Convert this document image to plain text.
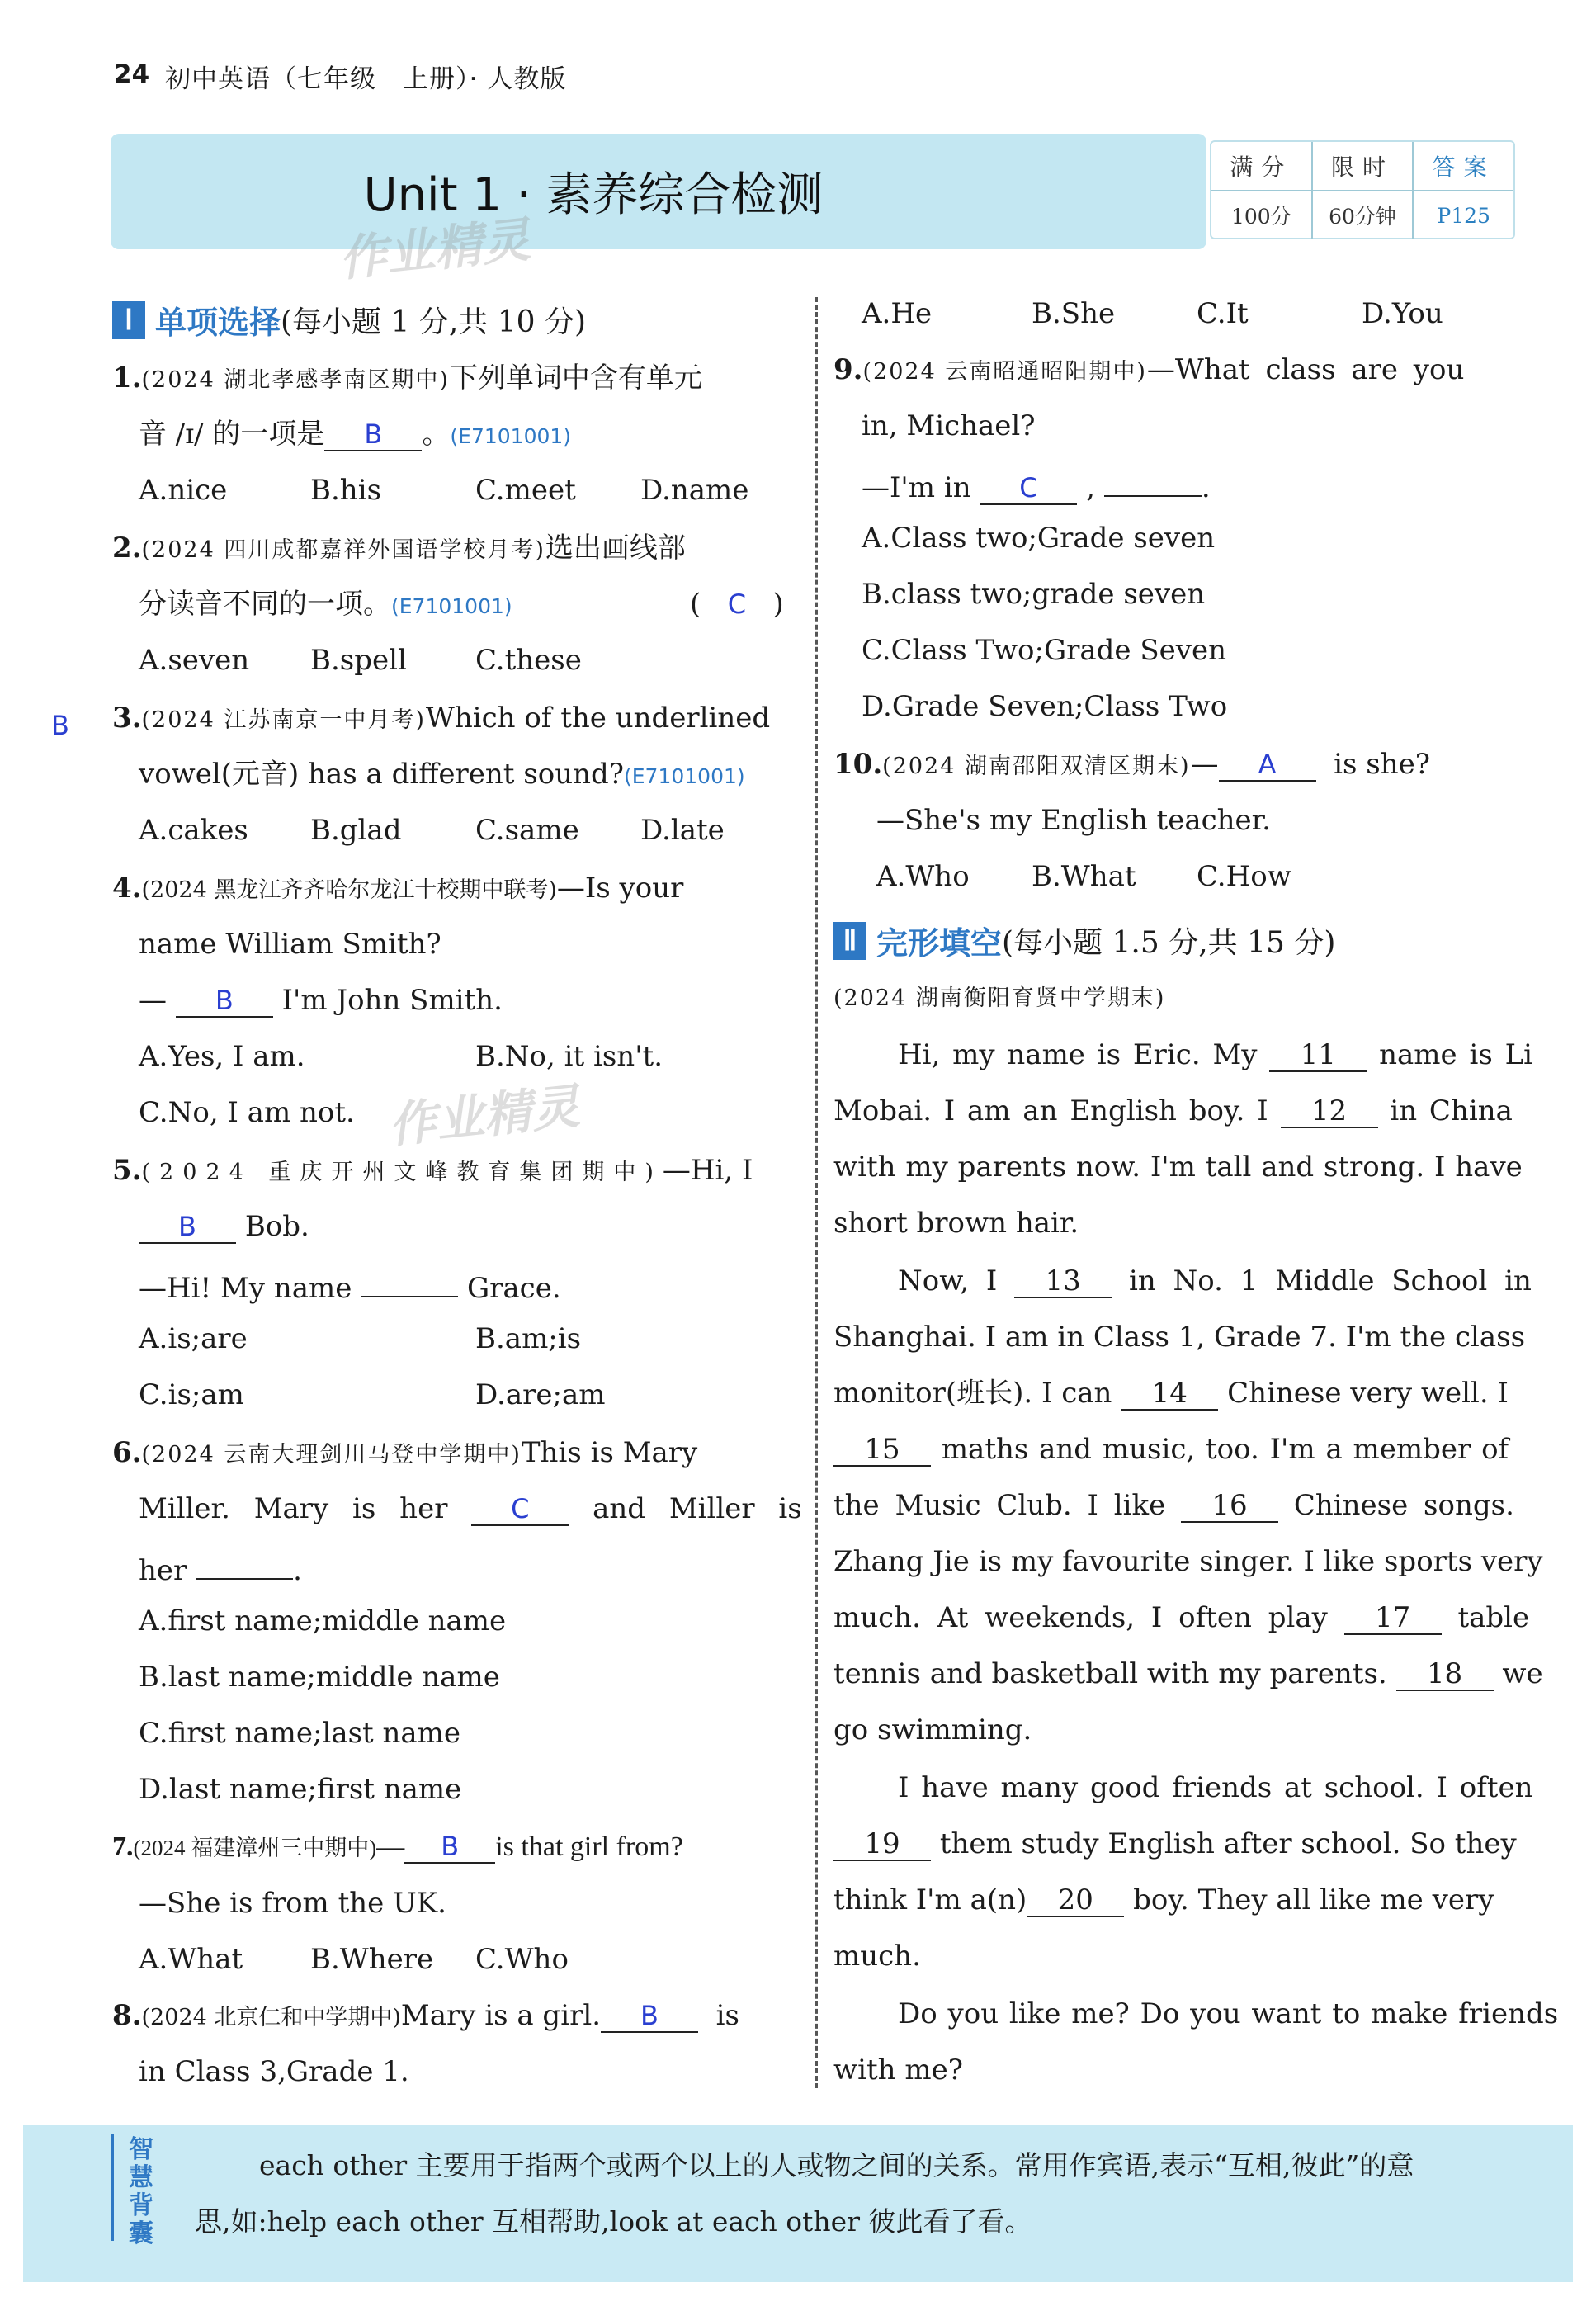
24 初中英语（七年级　上册）· 人教版
Unit 1 · 素养综合检测
作业精灵
满分	限时	答案
100分	60分钟	P125
B
Ⅰ 单项选择 (每小题 1 分,共 10 分)
1.(2024 湖北孝感孝南区期中)下列单词中含有单元
音 /ɪ/ 的一项是 B 。(E7101001)
A.nice	B.his	C.meet D.name
2.(2024 四川成都嘉祥外国语学校月考)选出画线部
分读音不同的一项。(E7101001)	( C )
A.seven B.spell C.these
3.(2024 江苏南京一中月考)Which of the underlined
vowel(元音) has a different sound?(E7101001)
A.cakes B.glad	C.same D.late
4.(2024 黑龙江齐齐哈尔龙江十校期中联考)—Is your
name William Smith?
— B I'm John Smith.
A.Yes, I am.	B.No, it isn't.
C.No, I am not. 作业精灵
5.(2024 重庆开州文峰教育集团期中)—Hi, I
B Bob.
—Hi! My name	Grace.
A.is;are	B.am;is
C.is;am	D.are;am
6.(2024 云南大理剑川马登中学期中)This is Mary
Miller. Mary is her C and Miller is
her	.
A.first name;middle name
B.last name;middle name
C.first name;last name
D.last name;first name
7.(2024 福建漳州三中期中)— B is that girl from?
—She is from the UK.
A.What B.Where C.Who
8.(2024 北京仁和中学期中)Mary is a girl. B is
in Class 3,Grade 1.
A.He	B.She	C.It	D.You
9.(2024 云南昭通昭阳期中)—What class are you
in, Michael?
—I'm in C ,	.
A.Class two;Grade seven
B.class two;grade seven
C.Class Two;Grade Seven
D.Grade Seven;Class Two
10.(2024 湖南邵阳双清区期末)— A is she?
—She's my English teacher.
A.Who B.What C.How
Ⅱ 完形填空 (每小题 1.5 分,共 15 分)
(2024 湖南衡阳育贤中学期末)
Hi, my name is Eric. My 11 name is Li
Mobai. I am an English boy. I 12 in China
with my parents now. I'm tall and strong. I have
short brown hair.
Now, I 13 in No. 1 Middle School in
Shanghai. I am in Class 1, Grade 7. I'm the class
monitor(班长). I can 14 Chinese very well. I
15 maths and music, too. I'm a member of
the Music Club. I like 16 Chinese songs.
Zhang Jie is my favourite singer. I like sports very
much. At weekends, I often play 17 table
tennis and basketball with my parents. 18 we
go swimming.
I have many good friends at school. I often
19 them study English after school. So they
think I'm a(n) 20 boy. They all like me very
much.
Do you like me? Do you want to make friends
with me?
智
慧
背
囊
each other 主要用于指两个或两个以上的人或物之间的关系。常用作宾语,表示“互相,彼此”的意
思,如:help each other 互相帮助,look at each other 彼此看了看。
